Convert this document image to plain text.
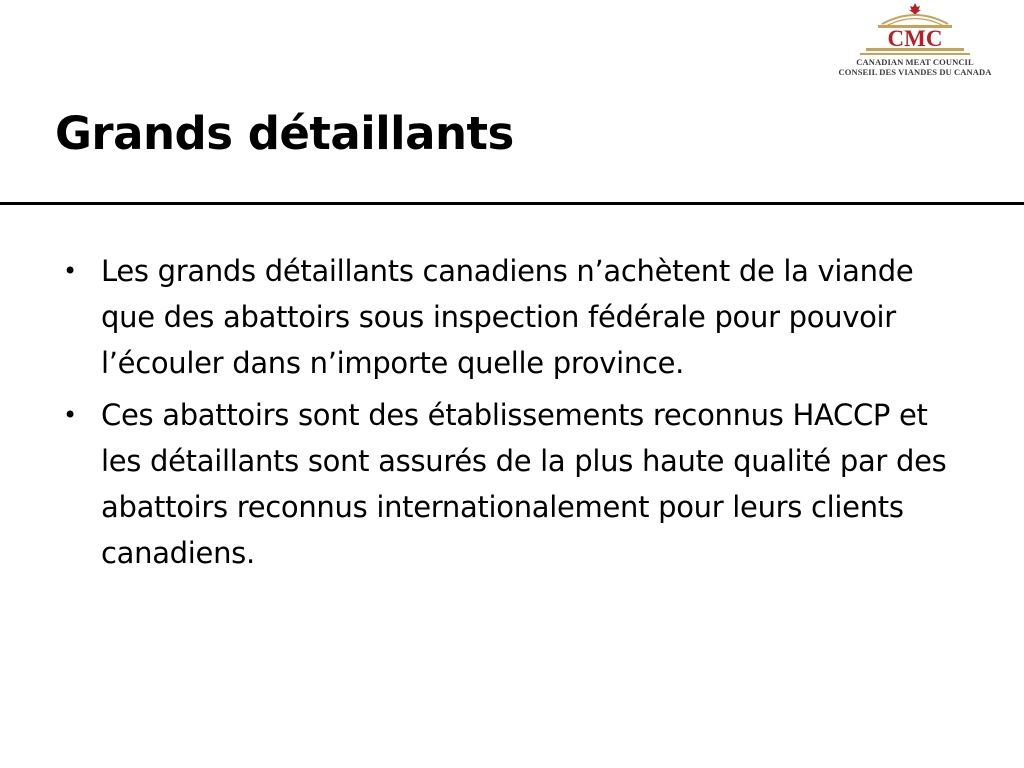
CMC
CANADIAN MEAT COUNCIL
CONSEIL DES VIANDES DU CANADA
Grands détaillants
• Les grands détaillants canadiens n’achètent de la viande que des abattoirs sous inspection fédérale pour pouvoir l’écouler dans n’importe quelle province.
• Ces abattoirs sont des établissements reconnus HACCP et les détaillants sont assurés de la plus haute qualité par des abattoirs reconnus internationalement pour leurs clients canadiens.
